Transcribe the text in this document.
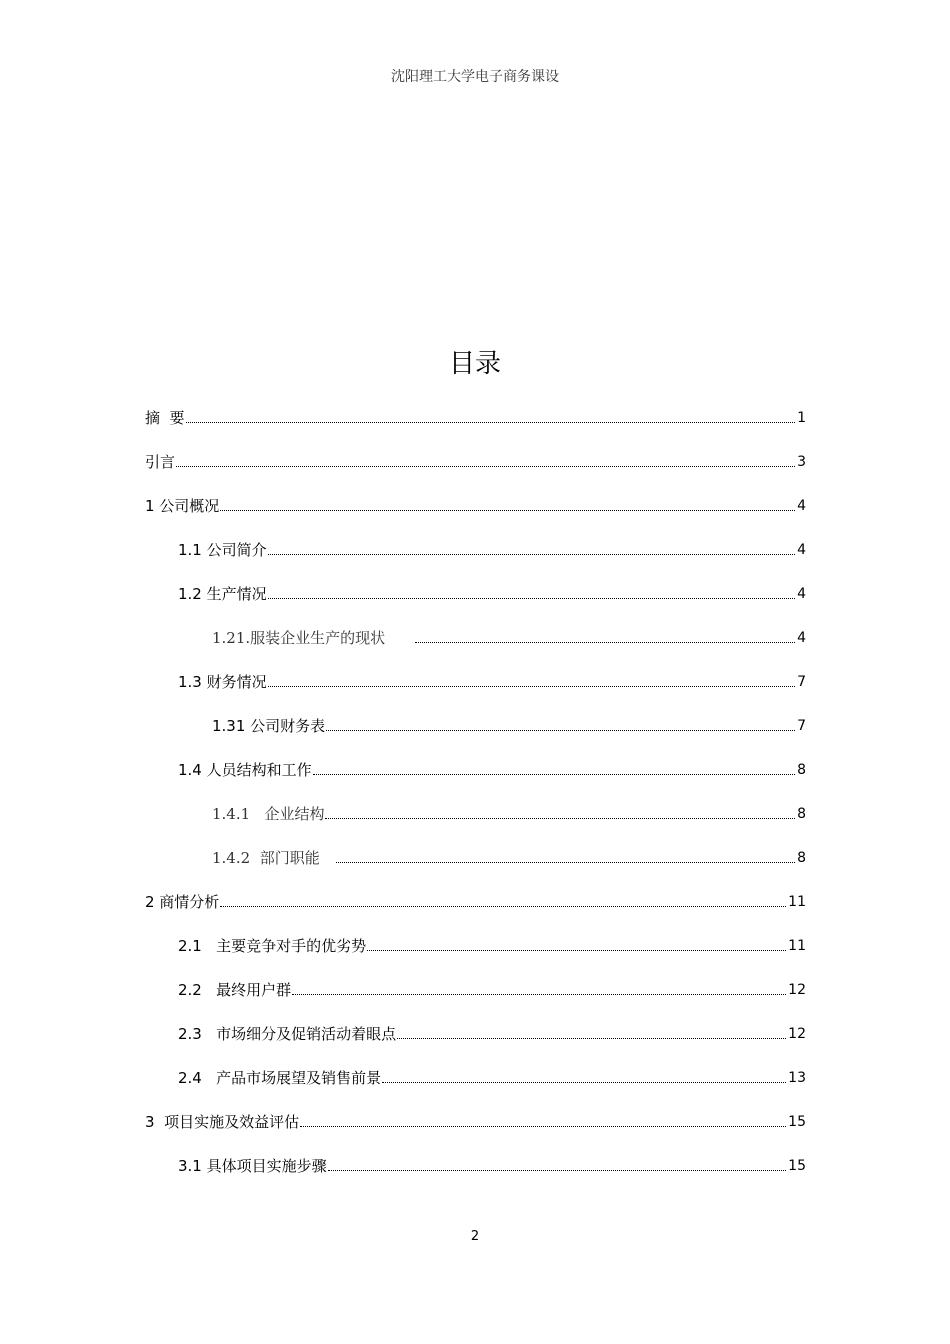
沈阳理工大学电子商务课设
目录
摘  要	1
引言	3
1 公司概况	4
1.1 公司简介	4
1.2 生产情况	4
1.21.服装企业生产的现状	4
1.3 财务情况	7
1.31 公司财务表	7
1.4 人员结构和工作	8
1.4.1   企业结构	8
1.4.2  部门职能	8
2 商情分析	11
2.1   主要竞争对手的优劣势	11
2.2   最终用户群	12
2.3   市场细分及促销活动着眼点	12
2.4   产品市场展望及销售前景	13
3  项目实施及效益评估	15
3.1 具体项目实施步骤	15
2
